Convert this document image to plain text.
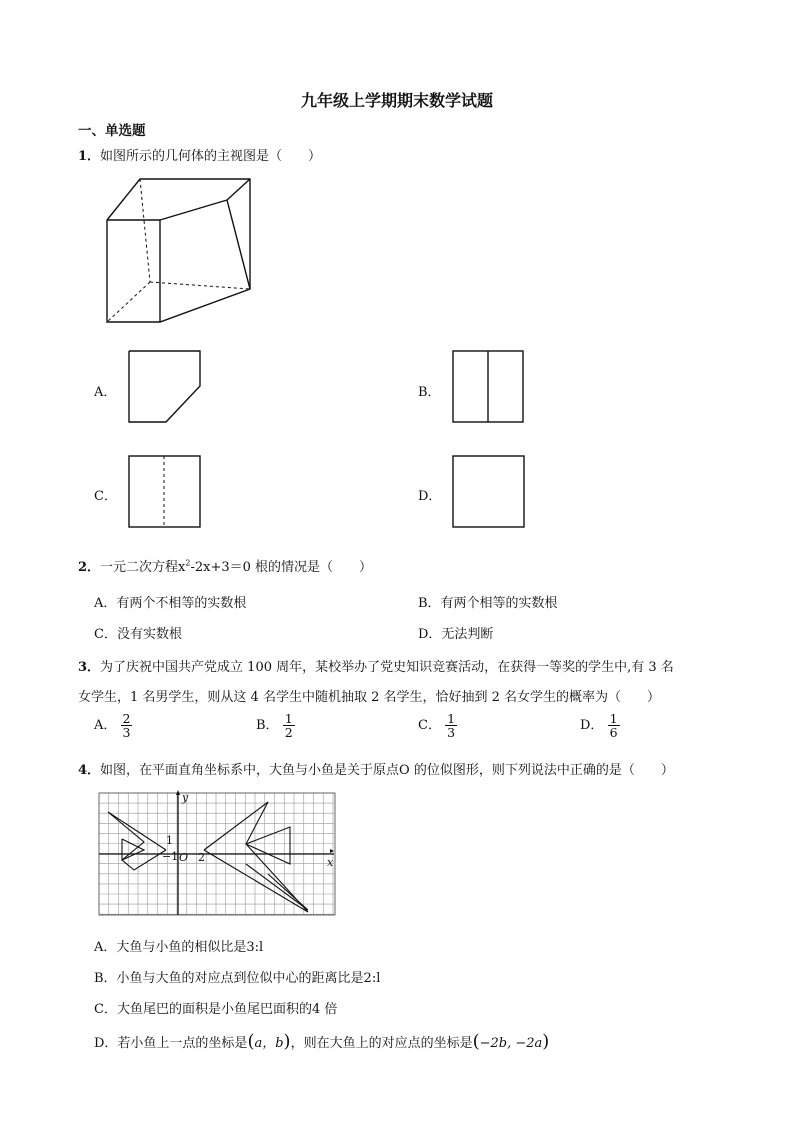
九年级上学期期末数学试题
一、单选题
1．如图所示的几何体的主视图是（　　）
A．	B．
C．	D．
2．一元二次方程$x^2-2x+3=0$ 根的情况是（　　）
A．有两个不相等的实数根	B．有两个相等的实数根
C．没有实数根	D．无法判断
3．为了庆祝中国共产党成立 100 周年，某校举办了党史知识竞赛活动，在获得一等奖的学生中,有 3 名
女学生，1 名男学生，则从这 4 名学生中随机抽取 2 名学生，恰好抽到 2 名女学生的概率为（　　）
A． $\frac{2}{3}$	B． $\frac{1}{2}$	C． $\frac{1}{3}$	D． $\frac{1}{6}$
4．如图，在平面直角坐标系中，大鱼与小鱼是关于原点O 的位似图形，则下列说法中正确的是（　　）
y
x
1
−1 O 2
A．大鱼与小鱼的相似比是3:l
B．小鱼与大鱼的对应点到位似中心的距离比是2:l
C．大鱼尾巴的面积是小鱼尾巴面积的4 倍
D．若小鱼上一点的坐标是(a，b)，则在大鱼上的对应点的坐标是(−2b, −2a)
